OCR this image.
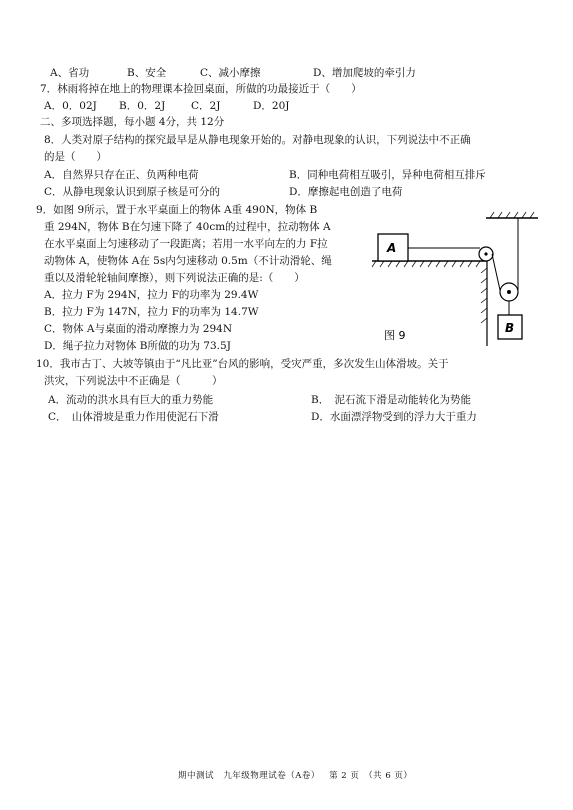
A、省功	B、安全	C、减小摩擦	D、增加爬坡的牵引力
7．林雨将掉在地上的物理课本捡回桌面，所做的功最接近于（　　）
A．0．02J B．0．2J C．2J	D．20J
二、多项选择题，每小题 4分，共 12分
8．人类对原子结构的探究最早是从静电现象开始的。对静电现象的认识，下列说法中不正确
的是（　　）
A．自然界只存在正、负两种电荷	B．同种电荷相互吸引，异种电荷相互排斥
C．从静电现象认识到原子核是可分的	D．摩擦起电创造了电荷
9．如图 9所示，置于水平桌面上的物体 A重 490N，物体 B
重 294N，物体 B在匀速下降了 40cm的过程中，拉动物体 A
在水平桌面上匀速移动了一段距离；若用一水平向左的力 F拉
动物体 A，使物体 A在 5s内匀速移动 0.5m（不计动滑轮、绳
重以及滑轮轮轴间摩擦），则下列说法正确的是:（　　）
A．拉力 F为 294N，拉力 F的功率为 29.4W
B．拉力 F为 147N，拉力 F的功率为 14.7W
C．物体 A与桌面的滑动摩擦力为 294N
D．绳子拉力对物体 B所做的功为 73.5J
A
B
图 9
10．我市古丁、大坡等镇由于“凡比亚”台风的影响，受灾严重，多次发生山体滑坡。关于
洪灾，下列说法中不正确是（　　　）
A．流动的洪水具有巨大的重力势能	B．　泥石流下滑是动能转化为势能
C．　山体滑坡是重力作用使泥石下滑	D．水面漂浮物受到的浮力大于重力
期中测试 九年级物理试卷（A卷） 第 2 页　（共 6 页）
